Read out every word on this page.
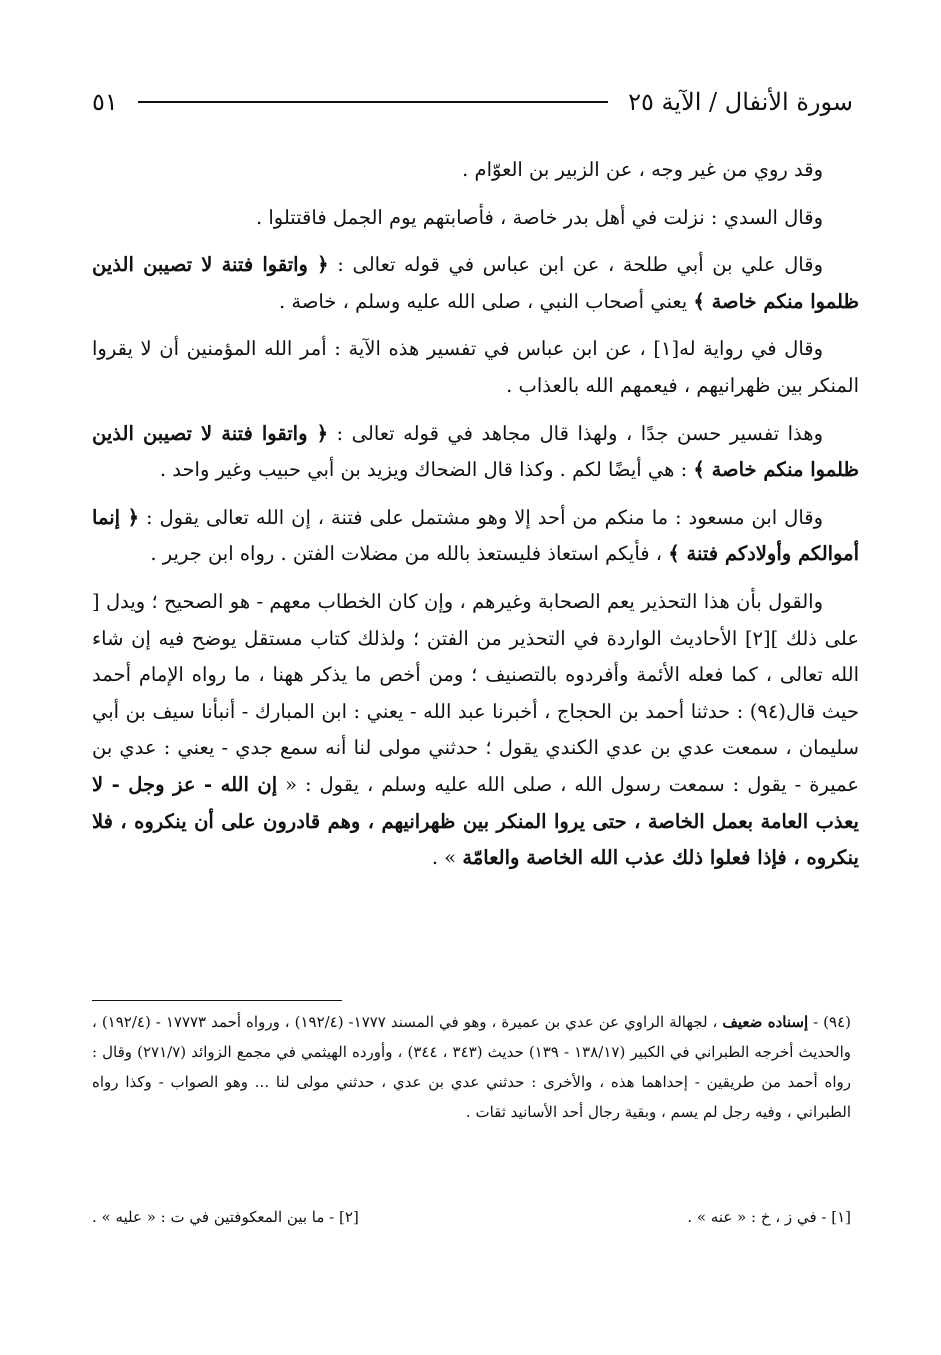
سورة الأنفال / الآية ٢٥
٥١

وقد روي من غير وجه ، عن الزبير بن العوّام .

وقال السدي : نزلت في أهل بدر خاصة ، فأصابتهم يوم الجمل فاقتتلوا .

وقال علي بن أبي طلحة ، عن ابن عباس في قوله تعالى : ﴿ واتقوا فتنة لا تصيبن الذين ظلموا منكم خاصة ﴾ يعني أصحاب النبي ، صلى الله عليه وسلم ، خاصة .

وقال في رواية له[١] ، عن ابن عباس في تفسير هذه الآية : أمر الله المؤمنين أن لا يقروا المنكر بين ظهرانيهم ، فيعمهم الله بالعذاب .

وهذا تفسير حسن جدًا ، ولهذا قال مجاهد في قوله تعالى : ﴿ واتقوا فتنة لا تصيبن الذين ظلموا منكم خاصة ﴾ : هي أيضًا لكم . وكذا قال الضحاك ويزيد بن أبي حبيب وغير واحد .

وقال ابن مسعود : ما منكم من أحد إلا وهو مشتمل على فتنة ، إن الله تعالى يقول : ﴿ إنما أموالكم وأولادكم فتنة ﴾ ، فأيكم استعاذ فليستعذ بالله من مضلات الفتن . رواه ابن جرير .

والقول بأن هذا التحذير يعم الصحابة وغيرهم ، وإن كان الخطاب معهم - هو الصحيح ؛ ويدل [ على ذلك ][٢] الأحاديث الواردة في التحذير من الفتن ؛ ولذلك كتاب مستقل يوضح فيه إن شاء الله تعالى ، كما فعله الأئمة وأفردوه بالتصنيف ؛ ومن أخص ما يذكر ههنا ، ما رواه الإمام أحمد حيث قال(٩٤) : حدثنا أحمد بن الحجاج ، أخبرنا عبد الله - يعني : ابن المبارك - أنبأنا سيف بن أبي سليمان ، سمعت عدي بن عدي الكندي يقول ؛ حدثني مولى لنا أنه سمع جدي - يعني : عدي بن عميرة - يقول : سمعت رسول الله ، صلى الله عليه وسلم ، يقول : « إن الله - عز وجل - لا يعذب العامة بعمل الخاصة ، حتى يروا المنكر بين ظهرانيهم ، وهم قادرون على أن ينكروه ، فلا ينكروه ، فإذا فعلوا ذلك عذب الله الخاصة والعامّة » .

(٩٤) - إسناده ضعيف ، لجهالة الراوي عن عدي بن عميرة ، وهو في المسند ١٧٧٧- (١٩٢/٤) ، ورواه أحمد ١٧٧٧٣ - (١٩٢/٤) ، والحديث أخرجه الطبراني في الكبير (١٣٨/١٧ - ١٣٩) حديث (٣٤٣ ، ٣٤٤) ، وأورده الهيثمي في مجمع الزوائد (٢٧١/٧) وقال : رواه أحمد من طريقين - إحداهما هذه ، والأخرى : حدثني عدي بن عدي ، حدثني مولى لنا ... وهو الصواب - وكذا رواه الطبراني ، وفيه رجل لم يسم ، وبقية رجال أحد الأسانيد ثقات .

[١] - في ز ، خ : « عنه » .
[٢] - ما بين المعكوفتين في ت : « عليه » .
